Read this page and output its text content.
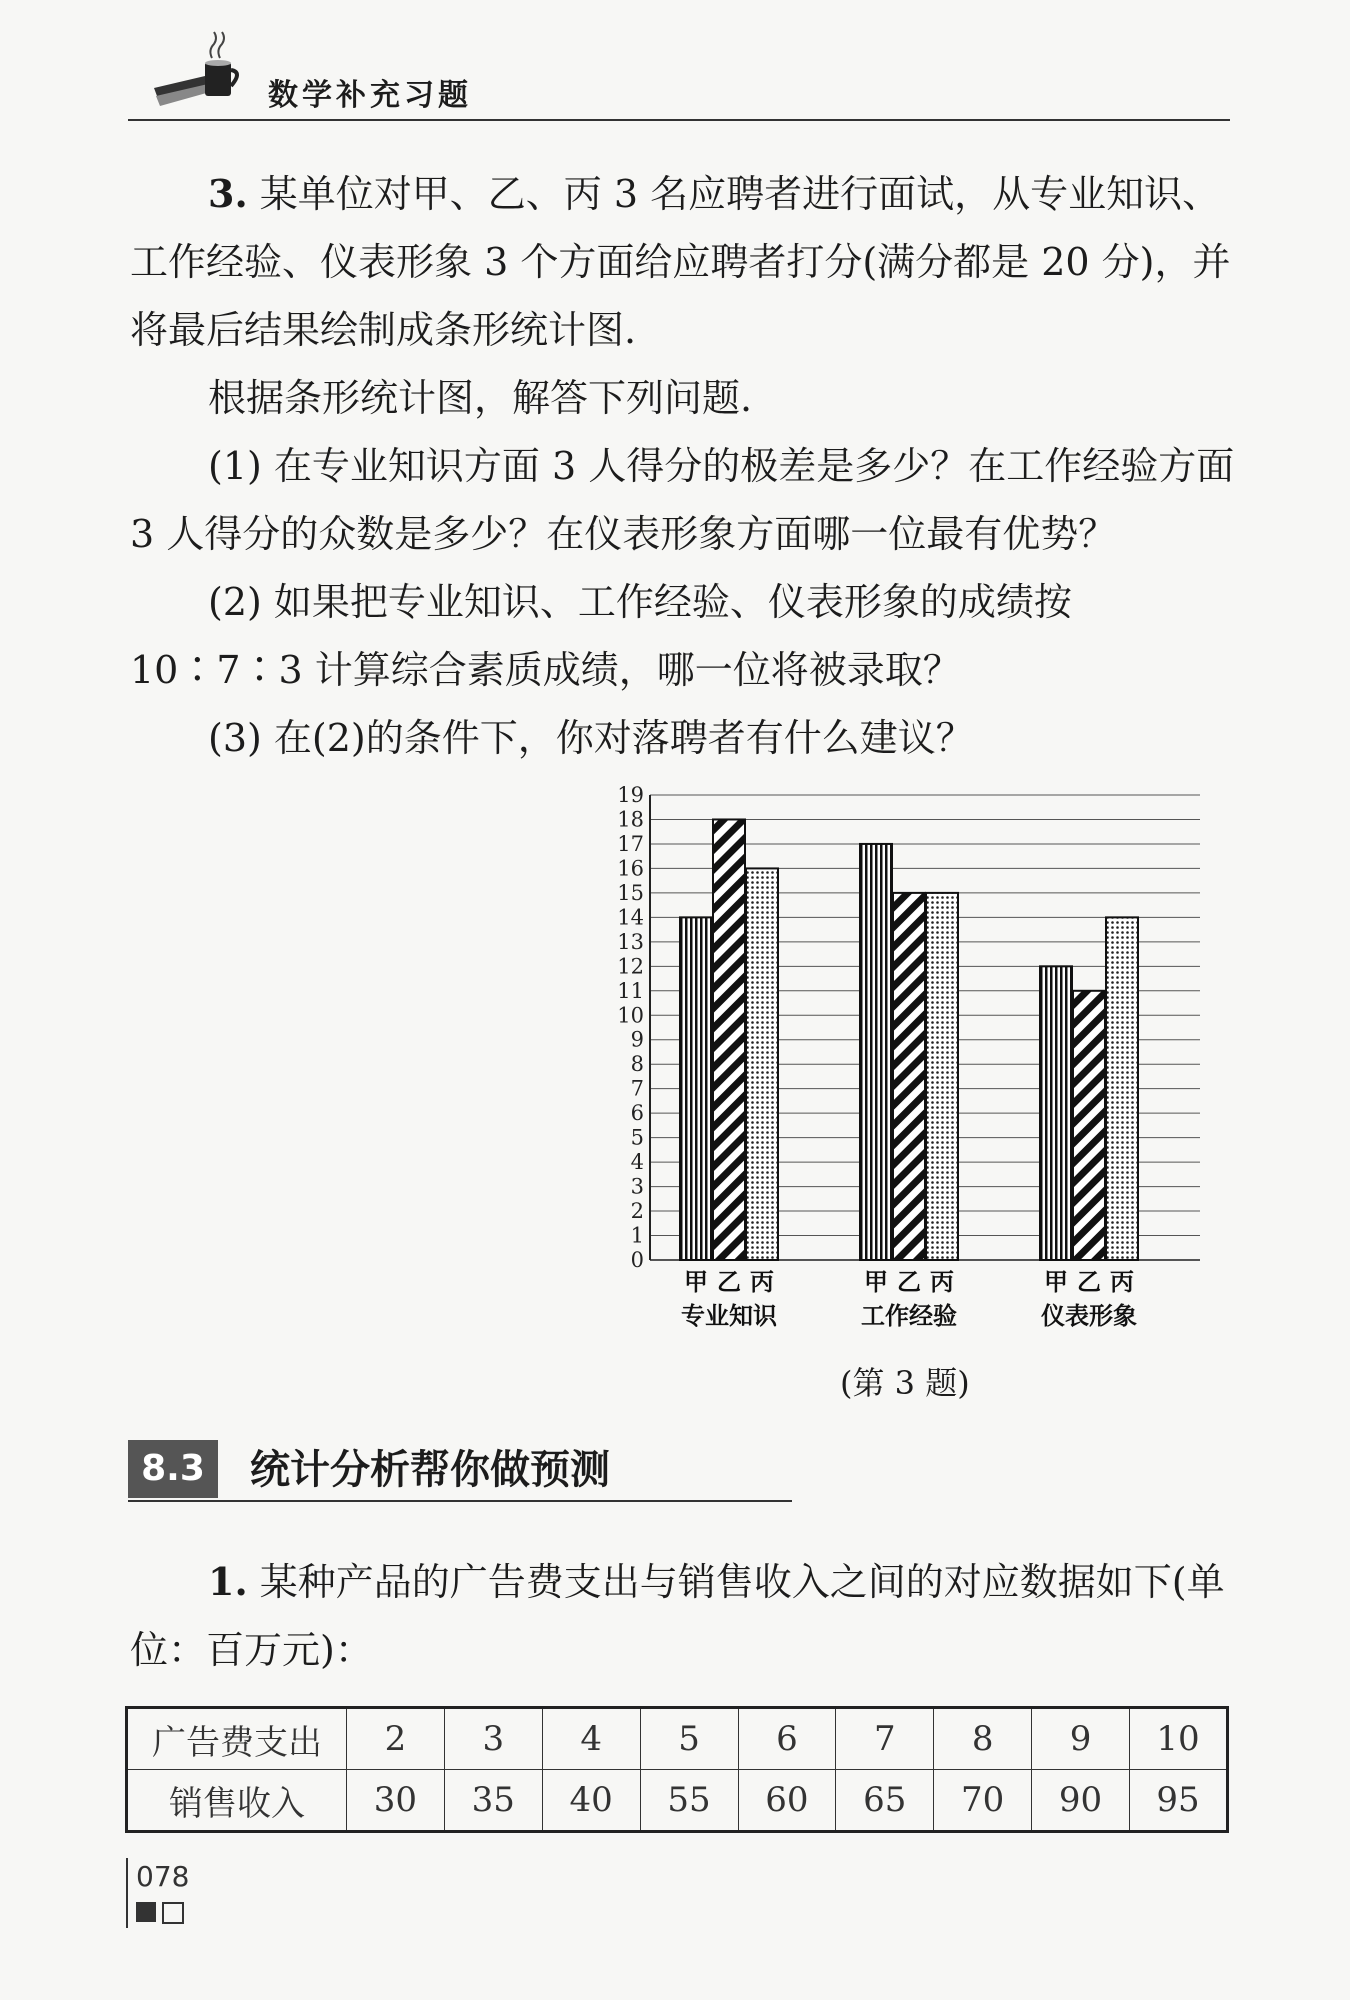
数学补充习题

3. 某单位对甲、乙、丙 3 名应聘者进行面试，从专业知识、工作经验、仪表形象 3 个方面给应聘者打分(满分都是 20 分)，并将最后结果绘制成条形统计图.

根据条形统计图，解答下列问题.

(1) 在专业知识方面 3 人得分的极差是多少？在工作经验方面 3 人得分的众数是多少？在仪表形象方面哪一位最有优势？

(2) 如果把专业知识、工作经验、仪表形象的成绩按 10∶7∶3 计算综合素质成绩，哪一位将被录取？

(3) 在(2)的条件下，你对落聘者有什么建议？

0
1
2
3
4
5
6
7
8
9
10
11
12
13
14
15
16
17
18
19
甲 乙 丙
专业知识
甲 乙 丙
工作经验
甲 乙 丙
仪表形象
(第 3 题)
8.3	统计分析帮你做预测

1. 某种产品的广告费支出与销售收入之间的对应数据如下(单位：百万元)：

广告费支出	2	3	4	5	6	7	8	9	10
销售收入	30	35	40	55	60	65	70	90	95
078
